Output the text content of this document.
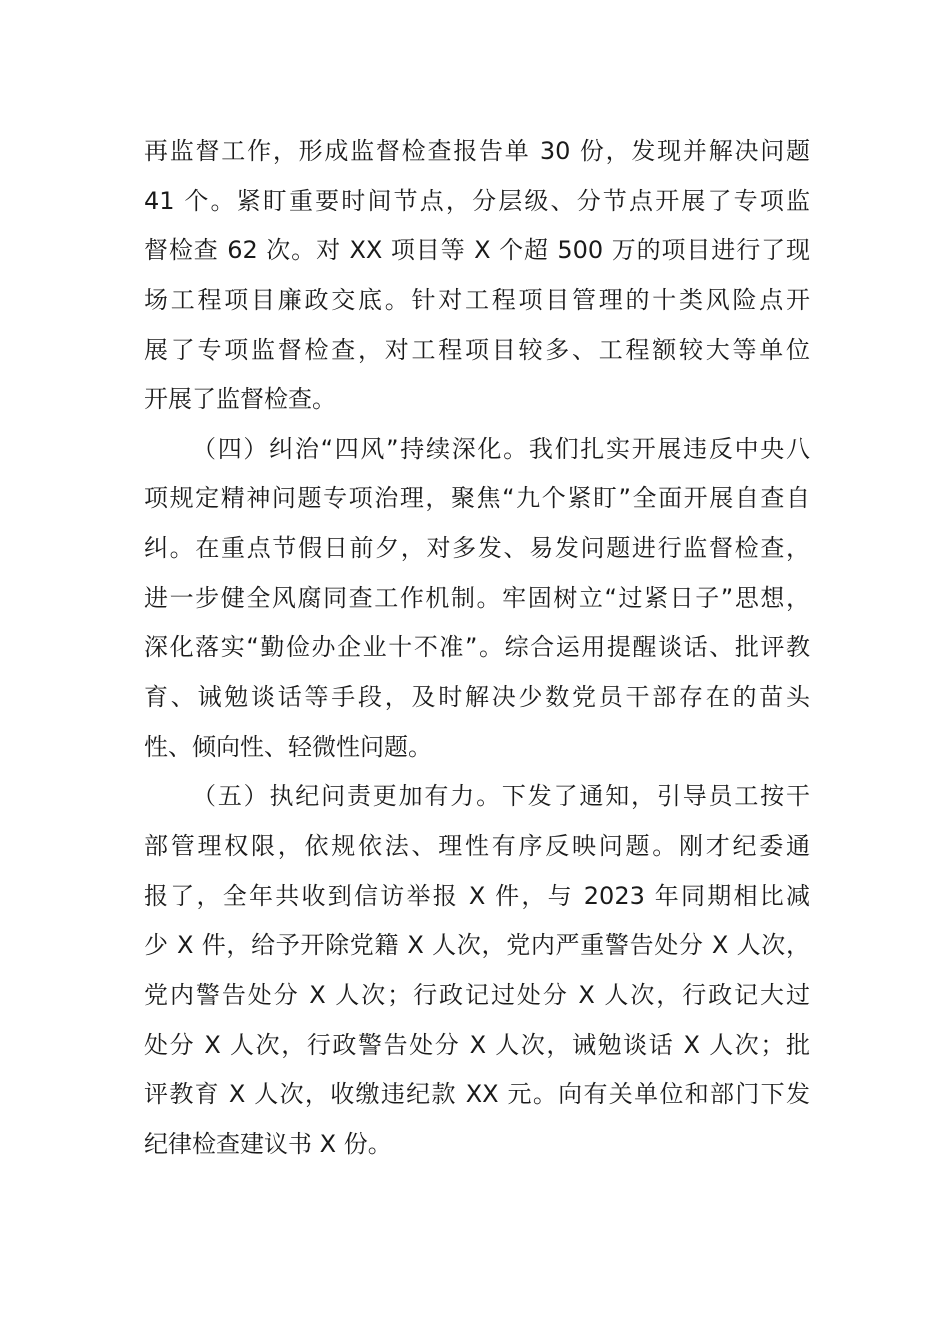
再监督工作，形成监督检查报告单 30 份，发现并解决问题
41 个。紧盯重要时间节点，分层级、分节点开展了专项监
督检查 62 次。对 XX 项目等 X 个超 500 万的项目进行了现
场工程项目廉政交底。针对工程项目管理的十类风险点开
展了专项监督检查，对工程项目较多、工程额较大等单位
开展了监督检查。
（四）纠治“四风”持续深化。我们扎实开展违反中央八
项规定精神问题专项治理，聚焦“九个紧盯”全面开展自查自
纠。在重点节假日前夕，对多发、易发问题进行监督检查，
进一步健全风腐同查工作机制。牢固树立“过紧日子”思想，
深化落实“勤俭办企业十不准”。综合运用提醒谈话、批评教
育、诫勉谈话等手段，及时解决少数党员干部存在的苗头
性、倾向性、轻微性问题。
（五）执纪问责更加有力。下发了通知，引导员工按干
部管理权限，依规依法、理性有序反映问题。刚才纪委通
报了，全年共收到信访举报 X 件，与 2023 年同期相比减
少 X 件，给予开除党籍 X 人次，党内严重警告处分 X 人次，
党内警告处分 X 人次；行政记过处分 X 人次，行政记大过
处分 X 人次，行政警告处分 X 人次，诫勉谈话 X 人次；批
评教育 X 人次，收缴违纪款 XX 元。向有关单位和部门下发
纪律检查建议书 X 份。
